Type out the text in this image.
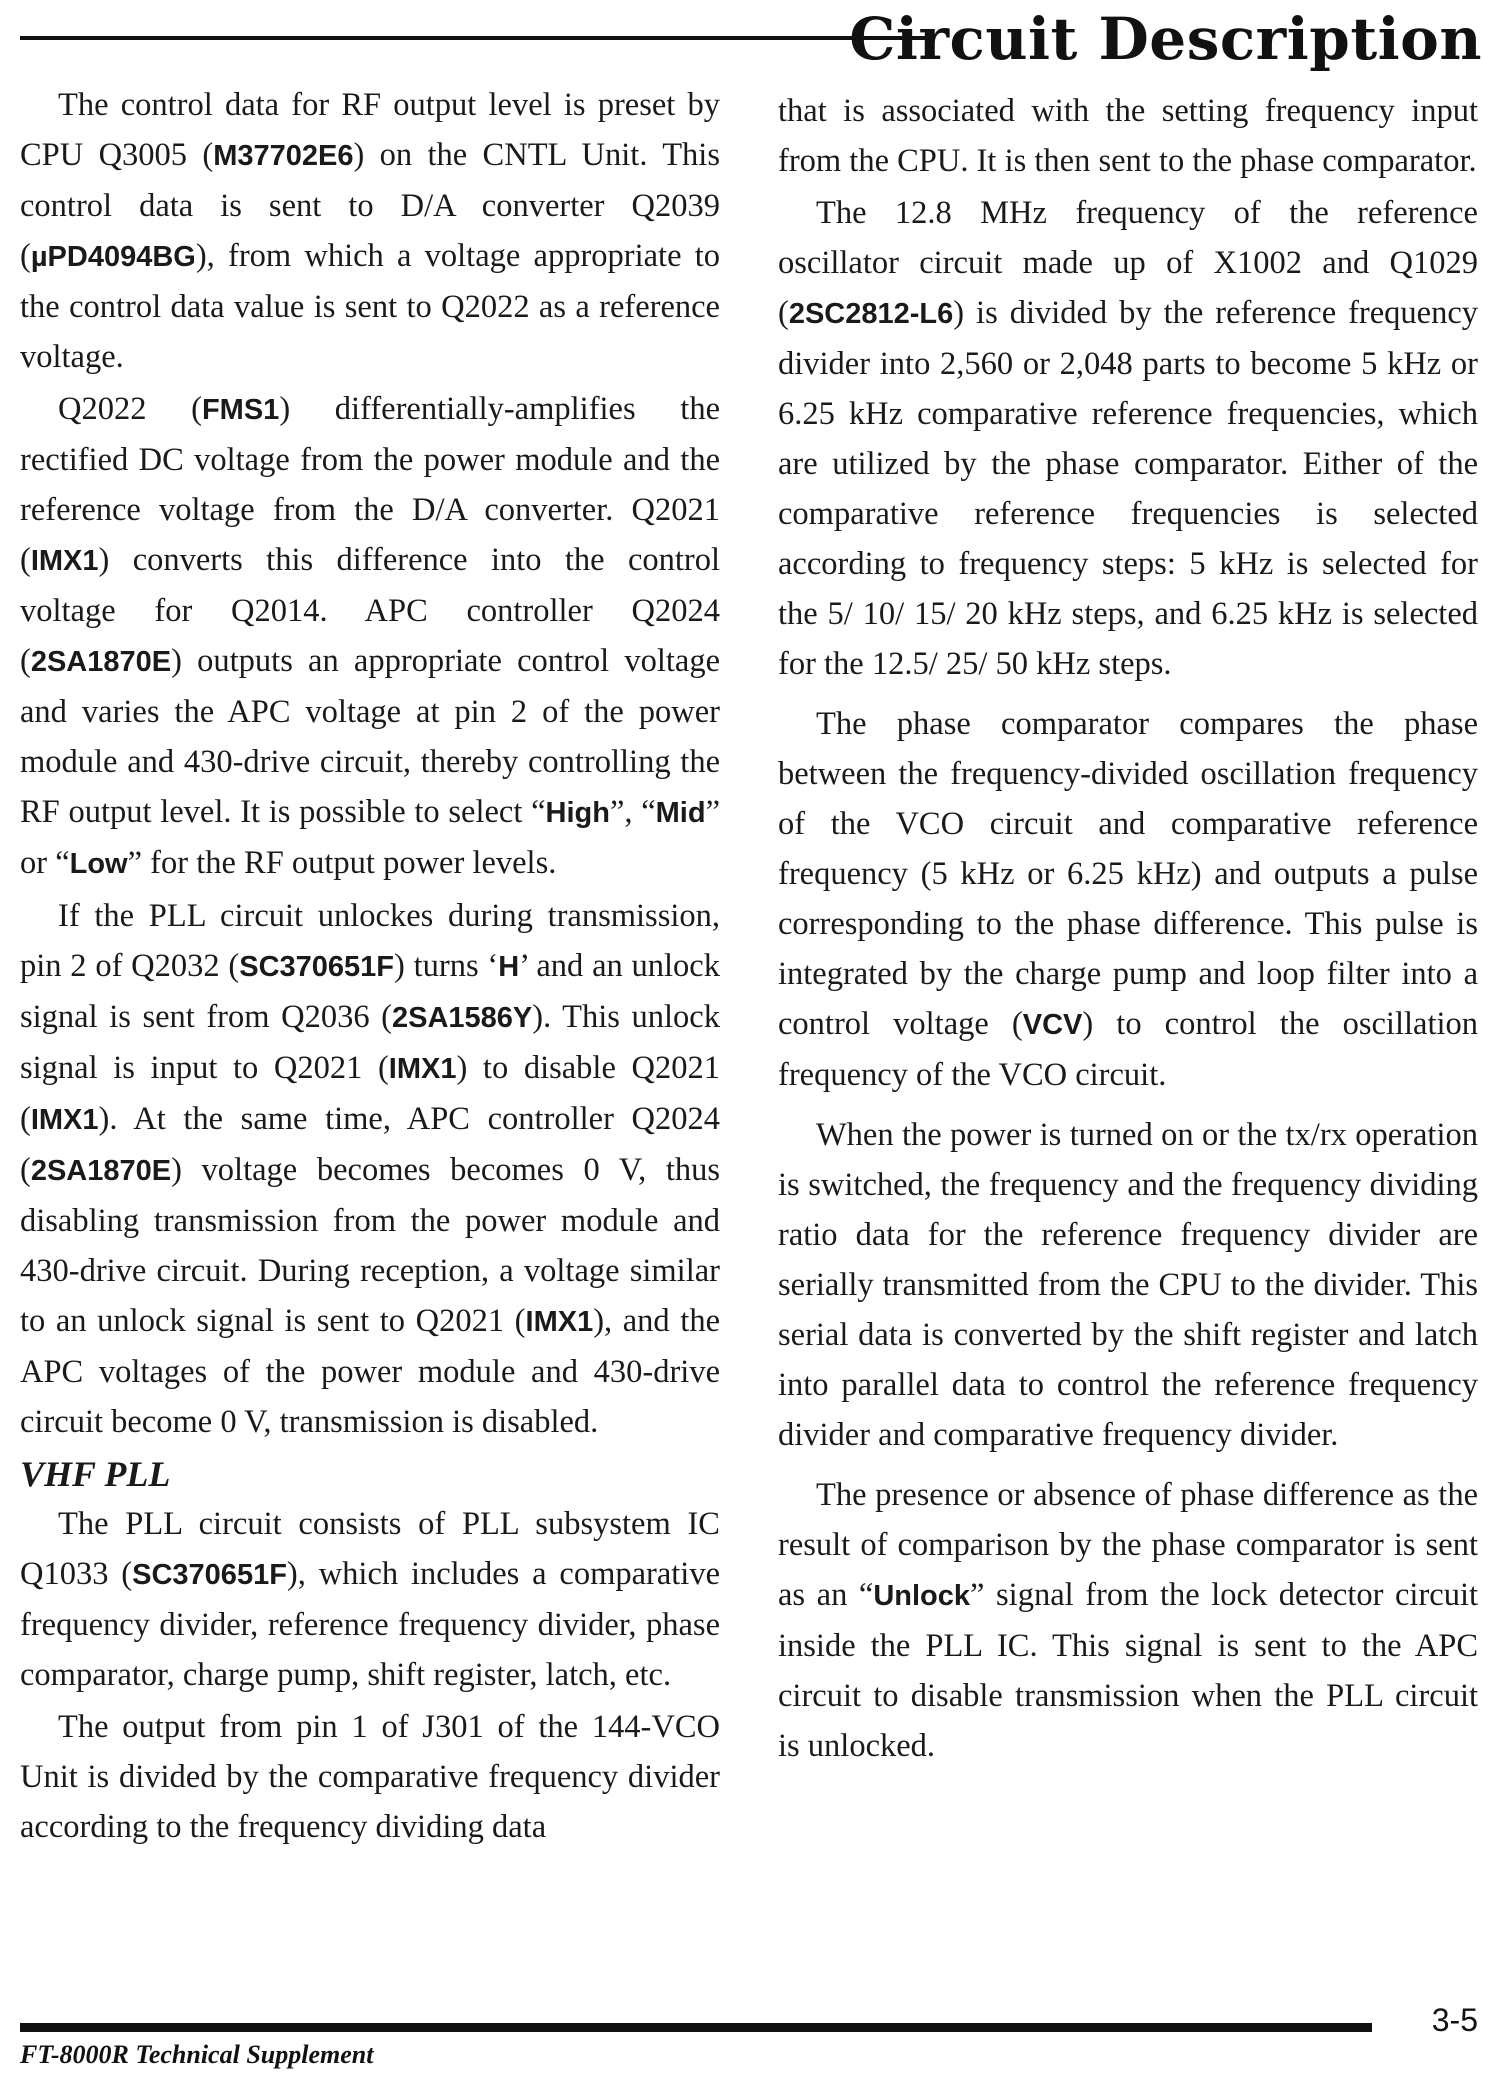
Circuit Description

The control data for RF output level is preset by CPU Q3005 (M37702E6) on the CNTL Unit. This control data is sent to D/A converter Q2039 (µPD4094BG), from which a voltage appropriate to the control data value is sent to Q2022 as a reference voltage.

Q2022 (FMS1) differentially-amplifies the rectified DC voltage from the power module and the reference voltage from the D/A converter. Q2021 (IMX1) converts this difference into the control voltage for Q2014. APC controller Q2024 (2SA1870E) outputs an appropriate control voltage and varies the APC voltage at pin 2 of the power module and 430-drive circuit, thereby controlling the RF output level. It is possible to select “High”, “Mid” or “Low” for the RF output power levels.

If the PLL circuit unlockes during transmission, pin 2 of Q2032 (SC370651F) turns ‘H’ and an unlock signal is sent from Q2036 (2SA1586Y). This unlock signal is input to Q2021 (IMX1) to disable Q2021 (IMX1). At the same time, APC controller Q2024 (2SA1870E) voltage becomes becomes 0 V, thus disabling transmission from the power module and 430-drive circuit. During reception, a voltage similar to an unlock signal is sent to Q2021 (IMX1), and the APC voltages of the power module and 430-drive circuit become 0 V, transmission is disabled.

VHF PLL

The PLL circuit consists of PLL subsystem IC Q1033 (SC370651F), which includes a comparative frequency divider, reference frequency divider, phase comparator, charge pump, shift register, latch, etc.

The output from pin 1 of J301 of the 144-VCO Unit is divided by the comparative frequency divider according to the frequency dividing data

that is associated with the setting frequency input from the CPU. It is then sent to the phase comparator.

The 12.8 MHz frequency of the reference oscillator circuit made up of X1002 and Q1029 (2SC2812-L6) is divided by the reference frequency divider into 2,560 or 2,048 parts to become 5 kHz or 6.25 kHz comparative reference frequencies, which are utilized by the phase comparator. Either of the comparative reference frequencies is selected according to frequency steps: 5 kHz is selected for the 5/ 10/ 15/ 20 kHz steps, and 6.25 kHz is selected for the 12.5/ 25/ 50 kHz steps.

The phase comparator compares the phase between the frequency-divided oscillation frequency of the VCO circuit and comparative reference frequency (5 kHz or 6.25 kHz) and outputs a pulse corresponding to the phase difference. This pulse is integrated by the charge pump and loop filter into a control voltage (VCV) to control the oscillation frequency of the VCO circuit.

When the power is turned on or the tx/rx operation is switched, the frequency and the frequency dividing ratio data for the reference frequency divider are serially transmitted from the CPU to the divider. This serial data is converted by the shift register and latch into parallel data to control the reference frequency divider and comparative frequency divider.

The presence or absence of phase difference as the result of comparison by the phase comparator is sent as an “Unlock” signal from the lock detector circuit inside the PLL IC. This signal is sent to the APC circuit to disable transmission when the PLL circuit is unlocked.

FT-8000R Technical Supplement
3-5
